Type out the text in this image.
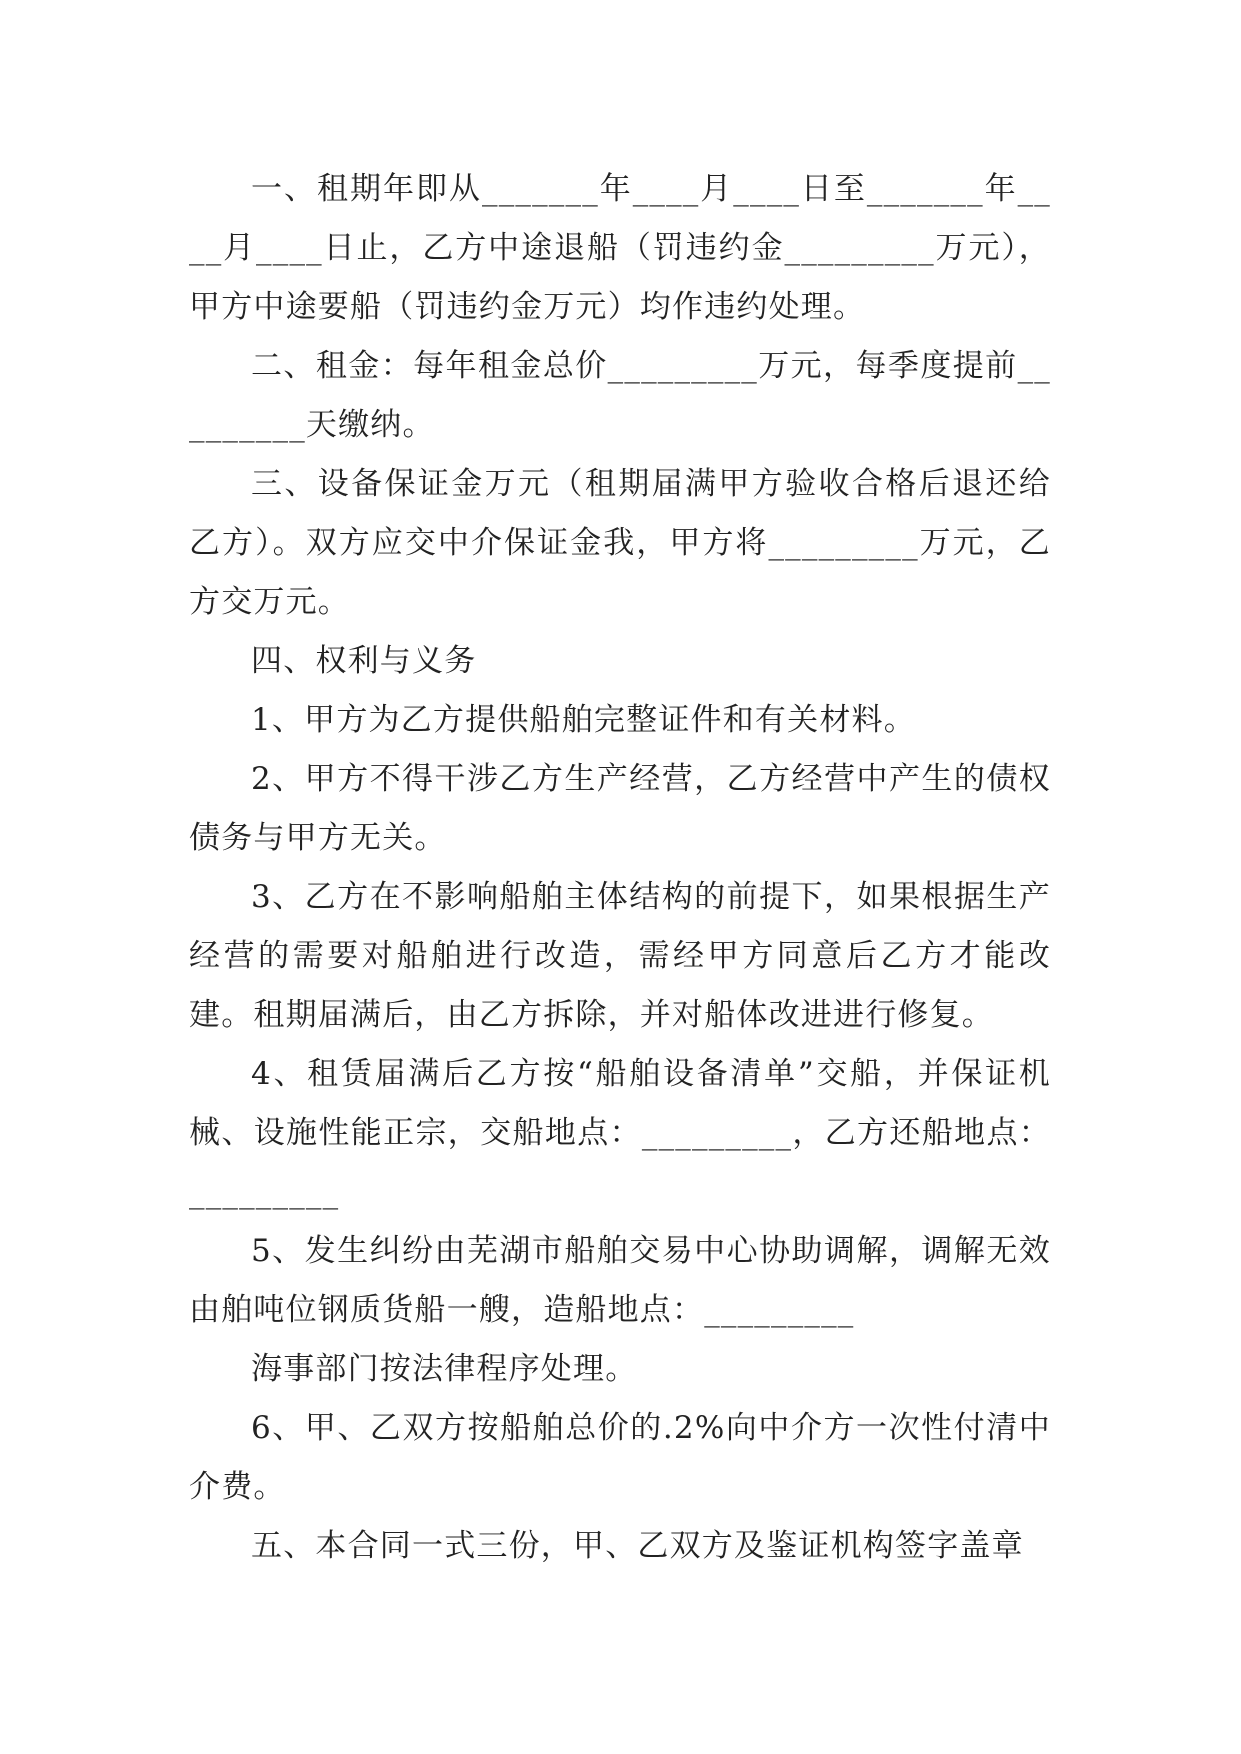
一、租期年即从_______年____月____日至_______年____月____日止，乙方中途退船（罚违约金_________万元），甲方中途要船（罚违约金万元）均作违约处理。

二、租金：每年租金总价_________万元，每季度提前_________天缴纳。

三、设备保证金万元（租期届满甲方验收合格后退还给乙方）。双方应交中介保证金我，甲方将_________万元，乙方交万元。

四、权利与义务

1、甲方为乙方提供船舶完整证件和有关材料。

2、甲方不得干涉乙方生产经营，乙方经营中产生的债权债务与甲方无关。

3、乙方在不影响船舶主体结构的前提下，如果根据生产经营的需要对船舶进行改造，需经甲方同意后乙方才能改建。租期届满后，由乙方拆除，并对船体改进进行修复。

4、租赁届满后乙方按“船舶设备清单”交船，并保证机械、设施性能正宗，交船地点：_________，乙方还船地点：_________

5、发生纠纷由芜湖市船舶交易中心协助调解，调解无效由舶吨位钢质货船一艘，造船地点：_________

海事部门按法律程序处理。

6、甲、乙双方按船舶总价的.2%向中介方一次性付清中介费。

五、本合同一式三份，甲、乙双方及鉴证机构签字盖章
